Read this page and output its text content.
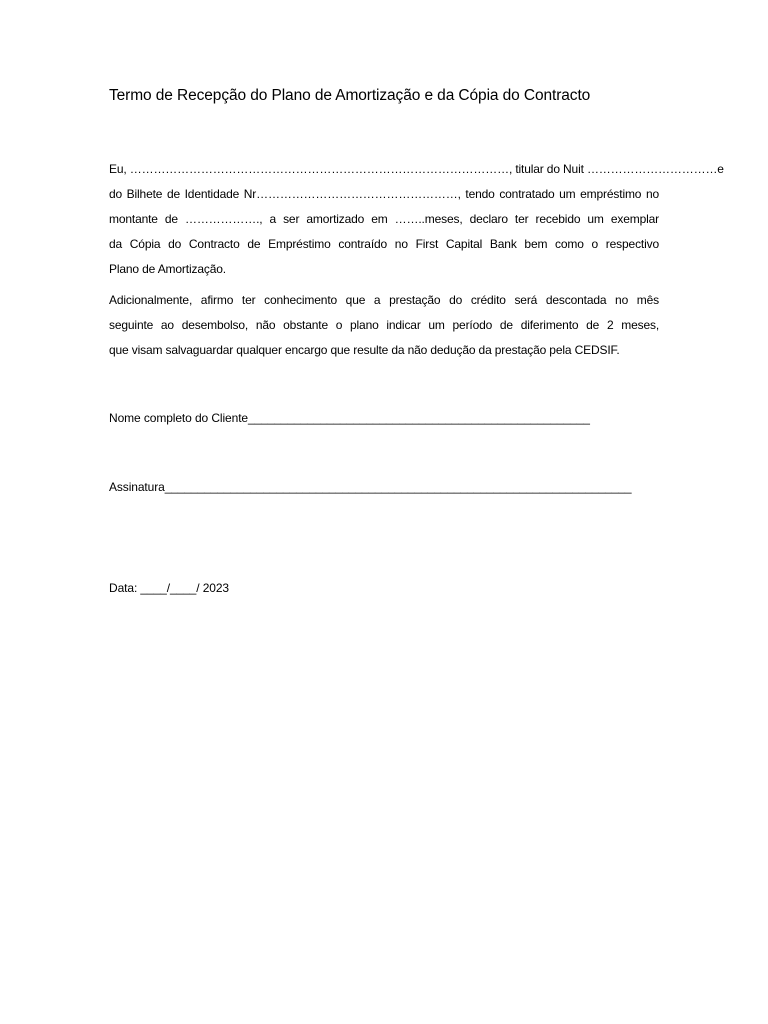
Termo de Recepção do Plano de Amortização e da Cópia do Contracto
Eu, ……………………………………………………………………………………, titular do Nuit ……………………………e
do Bilhete de Identidade Nr……………………………………………, tendo contratado um empréstimo no
montante de ………………., a ser amortizado em ……..meses, declaro ter recebido um exemplar
da Cópia do Contracto de Empréstimo contraído no First Capital Bank bem como o respectivo
Plano de Amortização.
Adicionalmente, afirmo ter conhecimento que a prestação do crédito será descontada no mês
seguinte ao desembolso, não obstante o plano indicar um período de diferimento de 2 meses,
que visam salvaguardar qualquer encargo que resulte da não dedução da prestação pela CEDSIF.
Nome completo do Cliente____________________________________________________
Assinatura_______________________________________________________________________
Data: ____/____/ 2023
